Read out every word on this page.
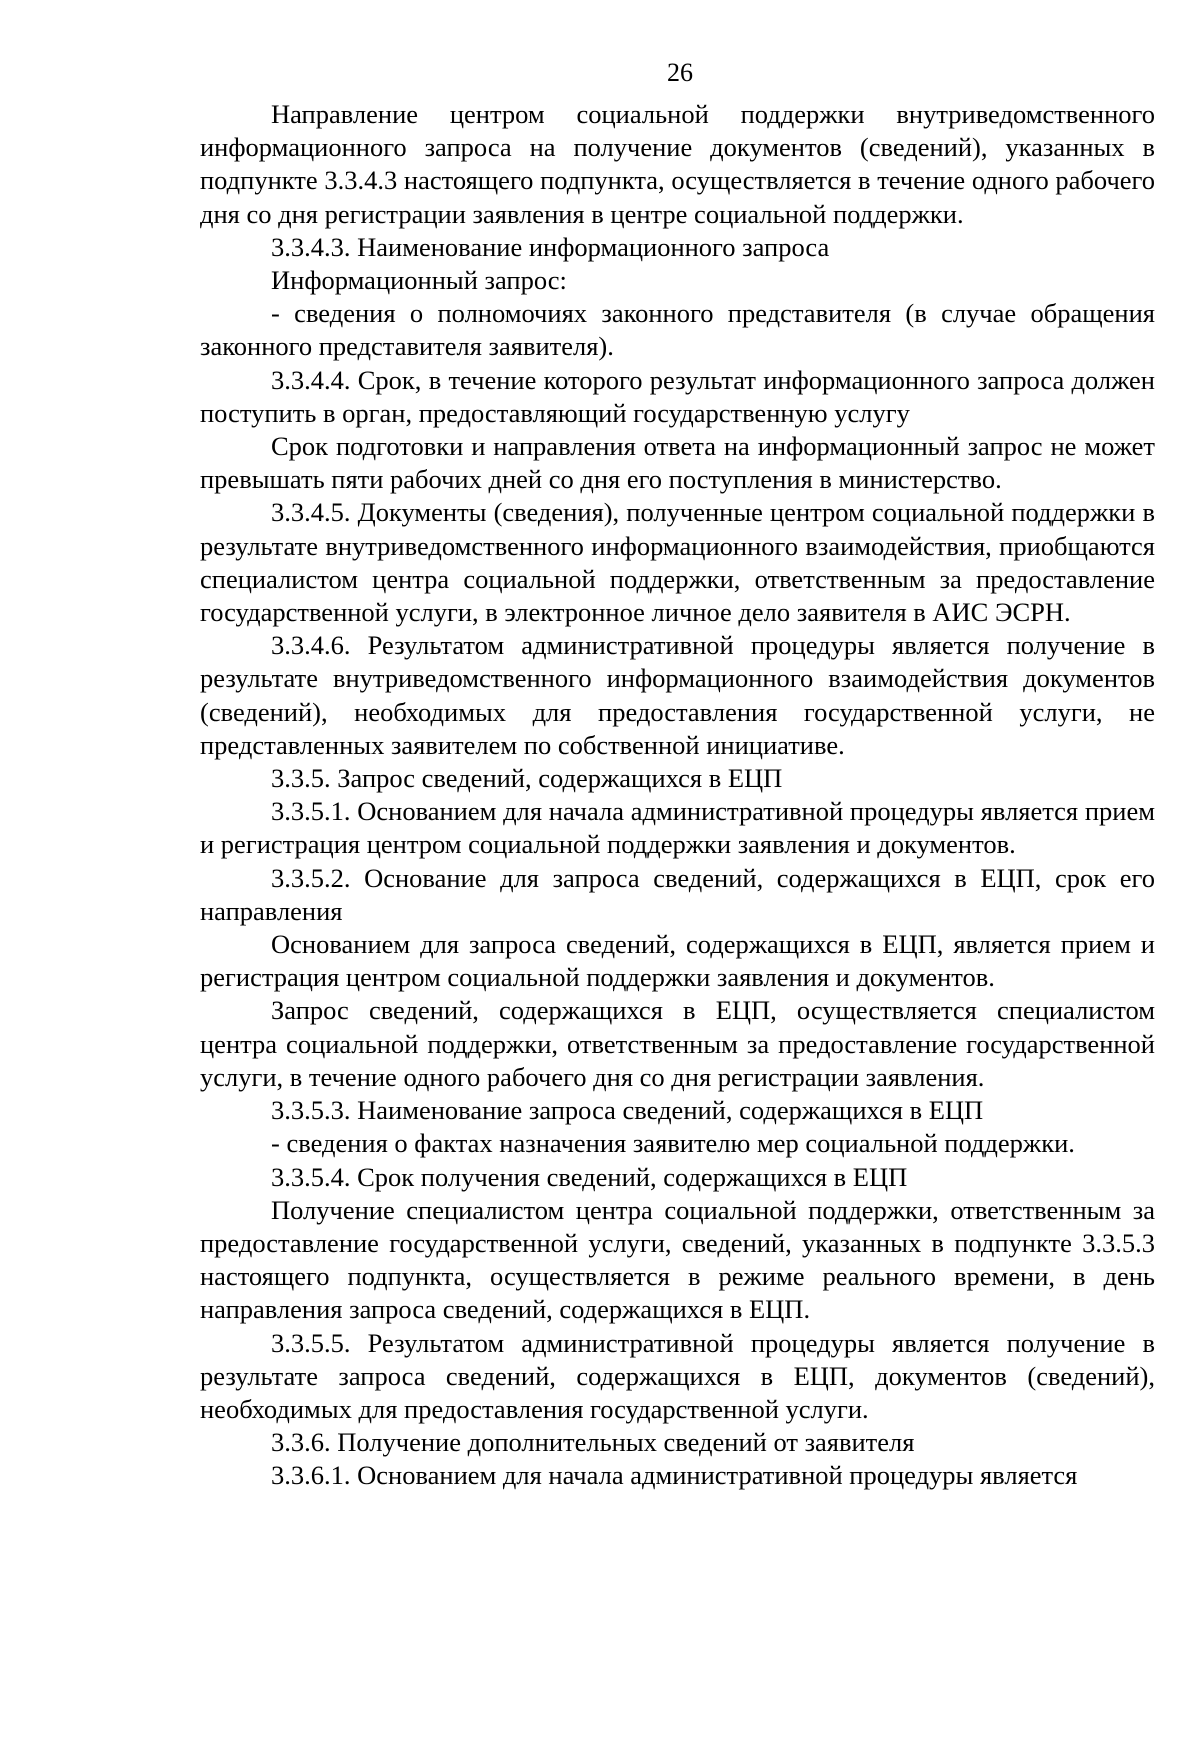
26

Направление центром социальной поддержки внутриведомственного информационного запроса на получение документов (сведений), указанных в подпункте 3.3.4.3 настоящего подпункта, осуществляется в течение одного рабочего дня со дня регистрации заявления в центре социальной поддержки.

3.3.4.3. Наименование информационного запроса

Информационный запрос:

- сведения о полномочиях законного представителя (в случае обращения законного представителя заявителя).

3.3.4.4. Срок, в течение которого результат информационного запроса должен поступить в орган, предоставляющий государственную услугу

Срок подготовки и направления ответа на информационный запрос не может превышать пяти рабочих дней со дня его поступления в министерство.

3.3.4.5. Документы (сведения), полученные центром социальной поддержки в результате внутриведомственного информационного взаимодействия, приобщаются специалистом центра социальной поддержки, ответственным за предоставление государственной услуги, в электронное личное дело заявителя в АИС ЭСРН.

3.3.4.6. Результатом административной процедуры является получение в результате внутриведомственного информационного взаимодействия документов (сведений), необходимых для предоставления государственной услуги, не представленных заявителем по собственной инициативе.

3.3.5. Запрос сведений, содержащихся в ЕЦП

3.3.5.1. Основанием для начала административной процедуры является прием и регистрация центром социальной поддержки заявления и документов.

3.3.5.2. Основание для запроса сведений, содержащихся в ЕЦП, срок его направления

Основанием для запроса сведений, содержащихся в ЕЦП, является прием и регистрация центром социальной поддержки заявления и документов.

Запрос сведений, содержащихся в ЕЦП, осуществляется специалистом центра социальной поддержки, ответственным за предоставление государственной услуги, в течение одного рабочего дня со дня регистрации заявления.

3.3.5.3. Наименование запроса сведений, содержащихся в ЕЦП

- сведения о фактах назначения заявителю мер социальной поддержки.

3.3.5.4. Срок получения сведений, содержащихся в ЕЦП

Получение специалистом центра социальной поддержки, ответственным за предоставление государственной услуги, сведений, указанных в подпункте 3.3.5.3 настоящего подпункта, осуществляется в режиме реального времени, в день направления запроса сведений, содержащихся в ЕЦП.

3.3.5.5. Результатом административной процедуры является получение в результате запроса сведений, содержащихся в ЕЦП, документов (сведений), необходимых для предоставления государственной услуги.

3.3.6. Получение дополнительных сведений от заявителя

3.3.6.1. Основанием для начала административной процедуры является
